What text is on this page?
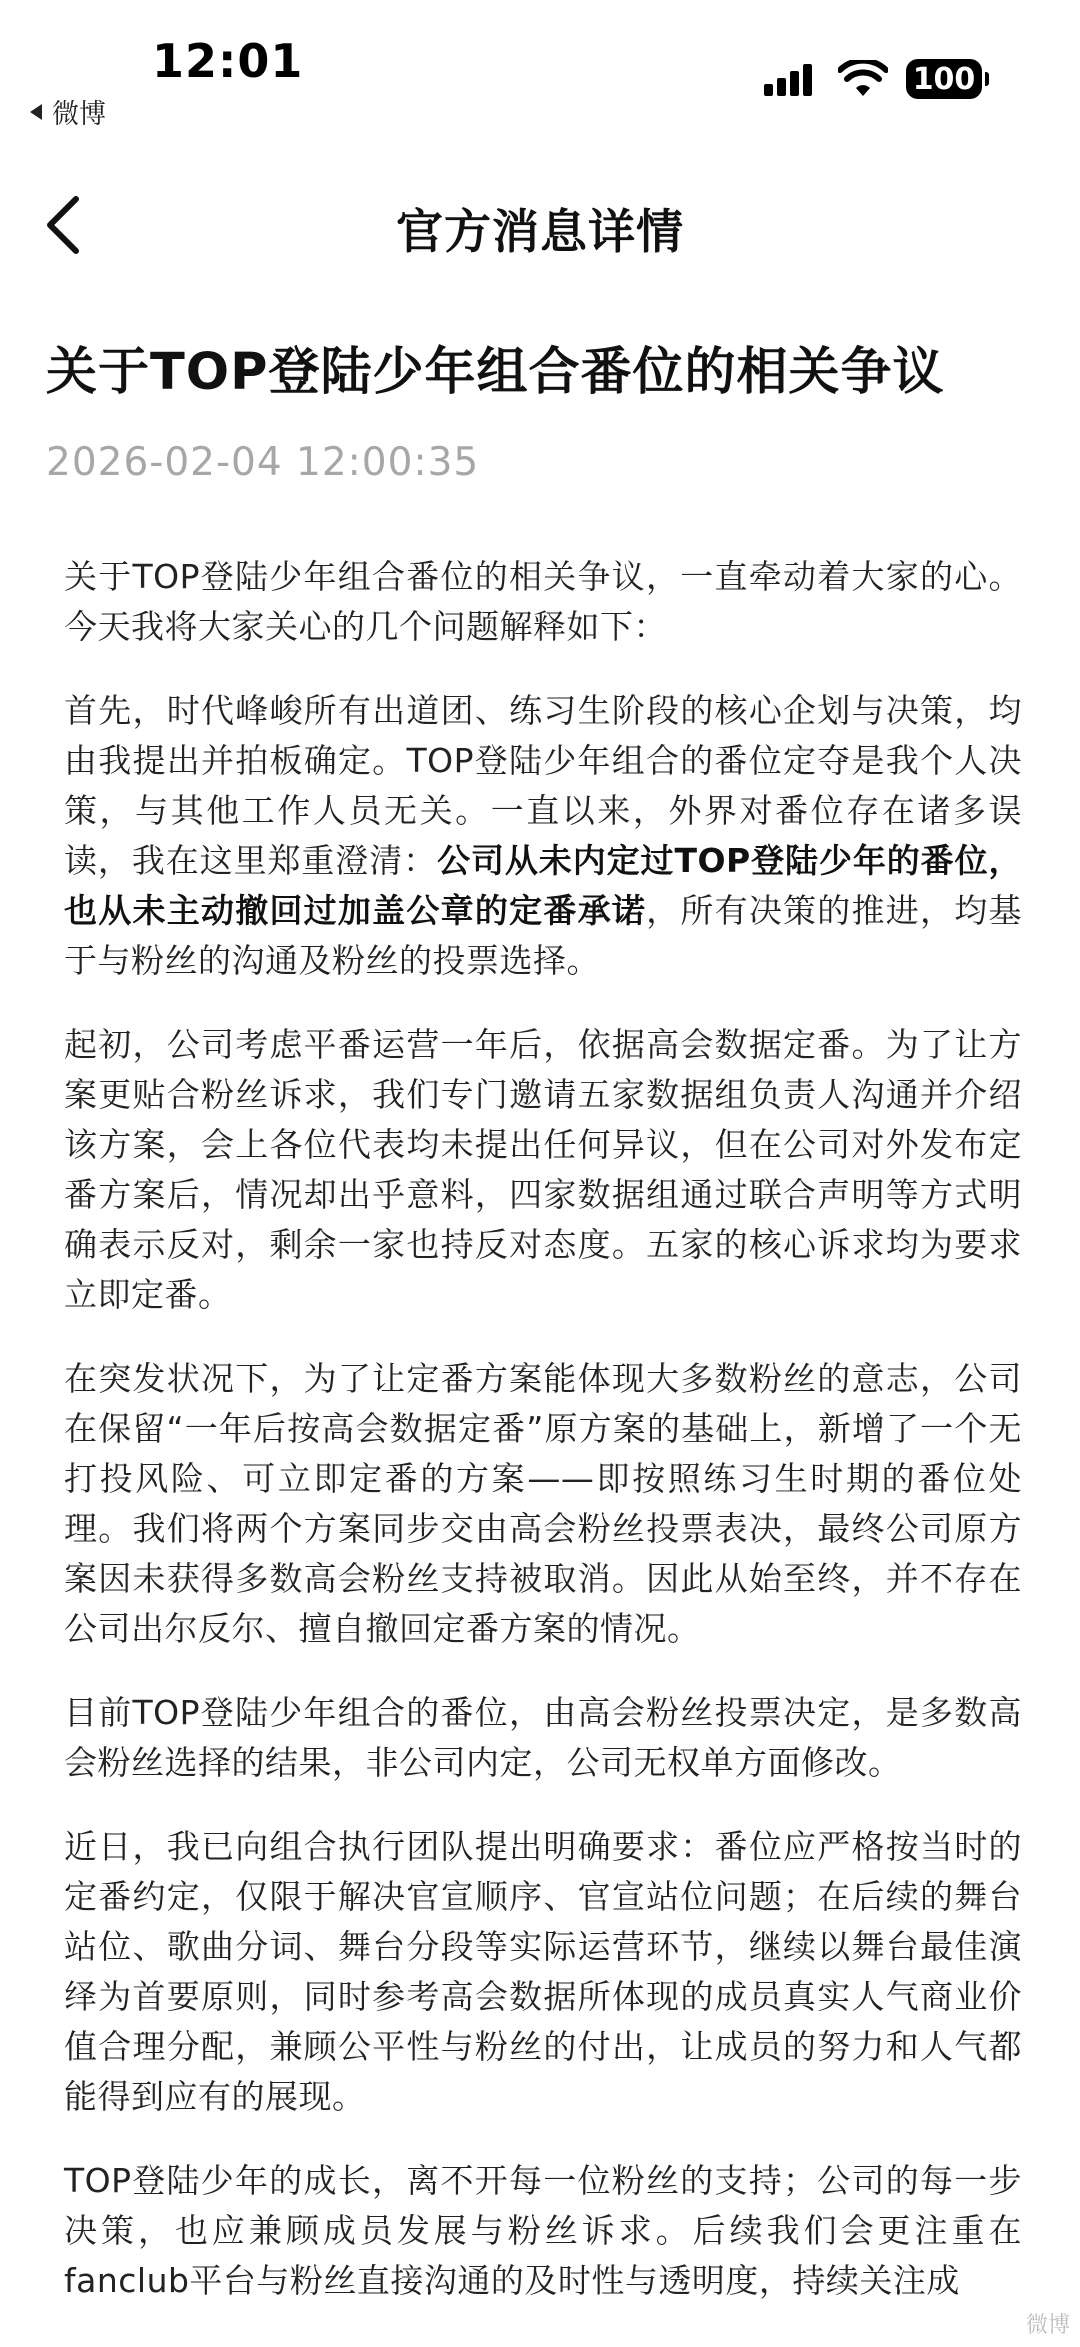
12:01
微博
100
官方消息详情
关于TOP登陆少年组合番位的相关争议
2026-02-04 12:00:35

关于TOP登陆少年组合番位的相关争议，一直牵动着大家的心。今天我将大家关心的几个问题解释如下：

首先，时代峰峻所有出道团、练习生阶段的核心企划与决策，均由我提出并拍板确定。TOP登陆少年组合的番位定夺是我个人决策，与其他工作人员无关。一直以来，外界对番位存在诸多误读，我在这里郑重澄清：公司从未内定过TOP登陆少年的番位，也从未主动撤回过加盖公章的定番承诺，所有决策的推进，均基于与粉丝的沟通及粉丝的投票选择。

起初，公司考虑平番运营一年后，依据高会数据定番。为了让方案更贴合粉丝诉求，我们专门邀请五家数据组负责人沟通并介绍该方案，会上各位代表均未提出任何异议，但在公司对外发布定番方案后，情况却出乎意料，四家数据组通过联合声明等方式明确表示反对，剩余一家也持反对态度。五家的核心诉求均为要求立即定番。

在突发状况下，为了让定番方案能体现大多数粉丝的意志，公司在保留“一年后按高会数据定番”原方案的基础上，新增了一个无打投风险、可立即定番的方案——即按照练习生时期的番位处理。我们将两个方案同步交由高会粉丝投票表决，最终公司原方案因未获得多数高会粉丝支持被取消。因此从始至终，并不存在公司出尔反尔、擅自撤回定番方案的情况。

目前TOP登陆少年组合的番位，由高会粉丝投票决定，是多数高会粉丝选择的结果，非公司内定，公司无权单方面修改。

近日，我已向组合执行团队提出明确要求：番位应严格按当时的定番约定，仅限于解决官宣顺序、官宣站位问题；在后续的舞台站位、歌曲分词、舞台分段等实际运营环节，继续以舞台最佳演绎为首要原则，同时参考高会数据所体现的成员真实人气商业价值合理分配，兼顾公平性与粉丝的付出，让成员的努力和人气都能得到应有的展现。

TOP登陆少年的成长，离不开每一位粉丝的支持；公司的每一步决策，也应兼顾成员发展与粉丝诉求。后续我们会更注重在fanclub平台与粉丝直接沟通的及时性与透明度，持续关注成

微博
